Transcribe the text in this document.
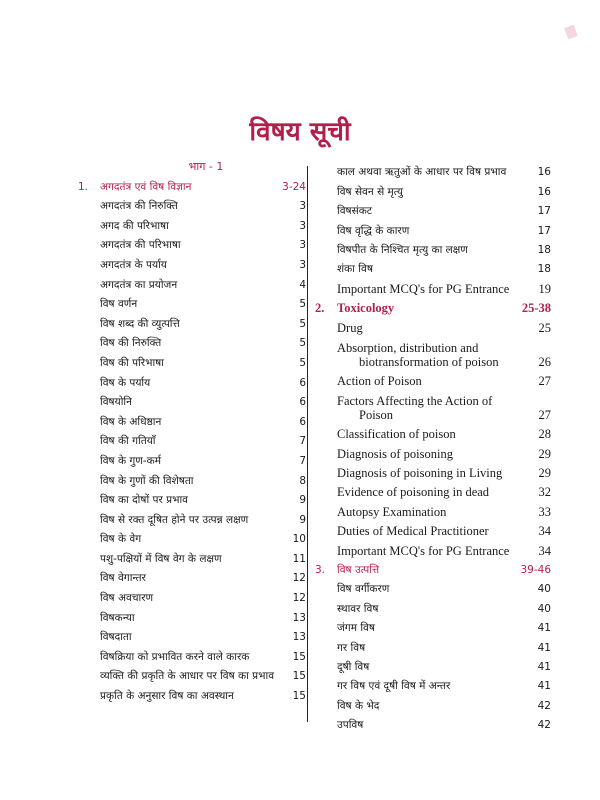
विषय सूची
भाग - 1
1. अगदतंत्र एवं विष विज्ञान	3-24
अगदतंत्र की निरुक्ति	3
अगद की परिभाषा	3
अगदतंत्र की परिभाषा	3
अगदतंत्र के पर्याय	3
अगदतंत्र का प्रयोजन	4
विष वर्णन	5
विष शब्द की व्युत्पत्ति	5
विष की निरुक्ति	5
विष की परिभाषा	5
विष के पर्याय	6
विषयोनि	6
विष के अधिष्ठान	6
विष की गतियाँ	7
विष के गुण-कर्म	7
विष के गुणों की विशेषता	8
विष का दोषों पर प्रभाव	9
विष से रक्त दूषित होने पर उत्पन्न लक्षण	9
विष के वेग	10
पशु-पक्षियों में विष वेग के लक्षण	11
विष वेगान्तर	12
विष अवचारण	12
विषकन्या	13
विषदाता	13
विषक्रिया को प्रभावित करने वाले कारक	15
व्यक्ति की प्रकृति के आधार पर विष का प्रभाव	15
प्रकृति के अनुसार विष का अवस्थान	15
काल अथवा ऋतुओं के आधार पर विष प्रभाव	16
विष सेवन से मृत्यु	16
विषसंकट	17
विष वृद्धि के कारण	17
विषपीत के निश्चित मृत्यु का लक्षण	18
शंका विष	18
Important MCQ's for PG Entrance	19
2. Toxicology	25-38
Drug	25
Absorption, distribution and
biotransformation of poison	26
Action of Poison	27
Factors Affecting the Action of
Poison	27
Classification of poison	28
Diagnosis of poisoning	29
Diagnosis of poisoning in Living	29
Evidence of poisoning in dead	32
Autopsy Examination	33
Duties of Medical Practitioner	34
Important MCQ's for PG Entrance	34
3. विष उत्पत्ति	39-46
विष वर्गीकरण	40
स्थावर विष	40
जंगम विष	41
गर विष	41
दूषी विष	41
गर विष एवं दूषी विष में अन्तर	41
विष के भेद	42
उपविष	42
